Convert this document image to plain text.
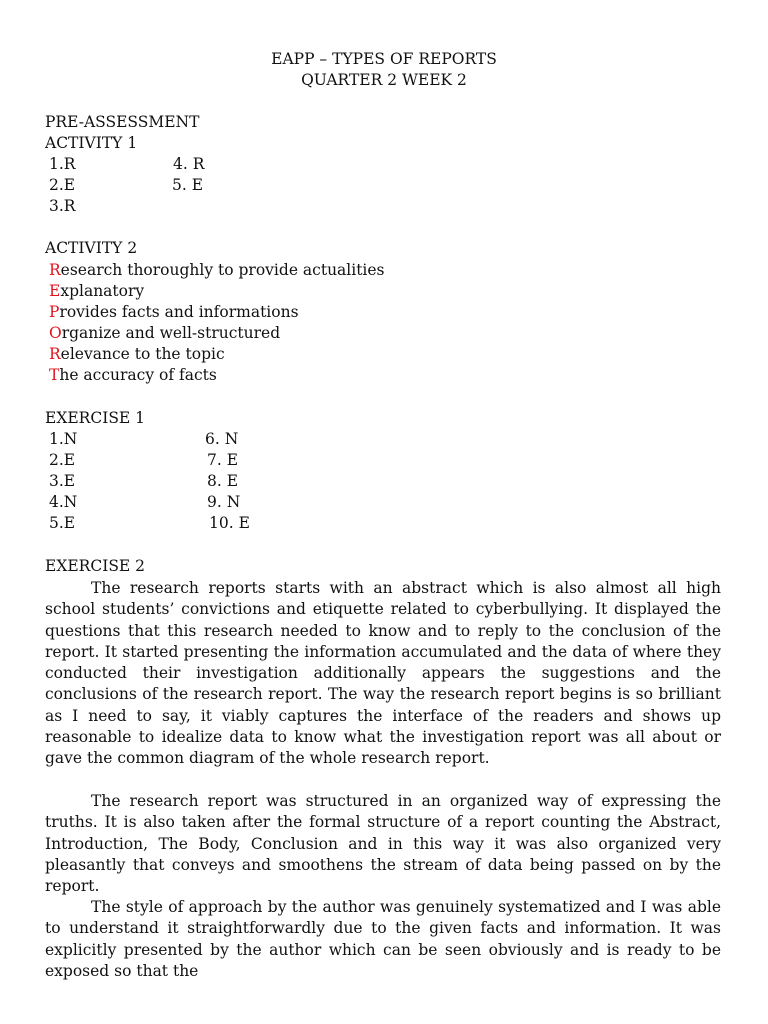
EAPP – TYPES OF REPORTS
QUARTER 2 WEEK 2
PRE-ASSESSMENT
ACTIVITY 1
1.R
2.E
3.R
4. R
5. E
ACTIVITY 2
Research thoroughly to provide actualities
Explanatory
Provides facts and informations
Organize and well-structured
Relevance to the topic
The accuracy of facts
EXERCISE 1
1.N
2.E
3.E
4.N
5.E
6. N
7. E
8. E
9. N
10. E
EXERCISE 2

The research reports starts with an abstract which is also almost all high school students’ convictions and etiquette related to cyberbullying. It displayed the questions that this research needed to know and to reply to the conclusion of the report. It started presenting the information accumulated and the data of where they conducted their investigation additionally appears the suggestions and the conclusions of the research report. The way the research report begins is so brilliant as I need to say, it viably captures the interface of the readers and shows up reasonable to idealize data to know what the investigation report was all about or gave the common diagram of the whole research report.

The research report was structured in an organized way of expressing the truths. It is also taken after the formal structure of a report counting the Abstract, Introduction, The Body, Conclusion and in this way it was also organized very pleasantly that conveys and smoothens the stream of data being passed on by the report.

The style of approach by the author was genuinely systematized and I was able to understand it straightforwardly due to the given facts and information. It was explicitly presented by the author which can be seen obviously and is ready to be exposed so that the
